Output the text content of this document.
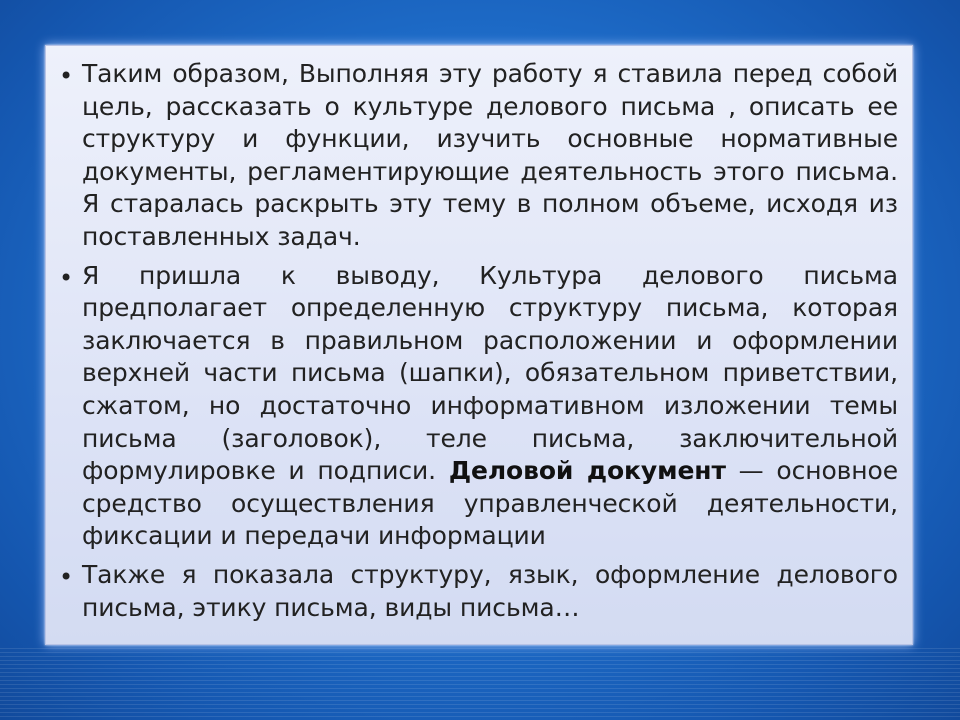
• Таким образом, Выполняя эту работу я ставила перед собой цель, рассказать о культуре делового письма , описать ее структуру и функции, изучить основные нормативные документы, регламентирующие деятельность этого письма. Я старалась раскрыть эту тему в полном объеме, исходя из поставленных задач.
• Я пришла к выводу, Культура делового письма предполагает определенную структуру письма, которая заключается в правильном расположении и оформлении верхней части письма (шапки), обязательном приветствии, сжатом, но достаточно информативном изложении темы письма (заголовок), теле письма, заключительной формулировке и подписи. Деловой документ — основное средство осуществления управленческой деятельности, фиксации и передачи информации
• Также я показала структуру, язык, оформление делового письма, этику письма, виды письма…
